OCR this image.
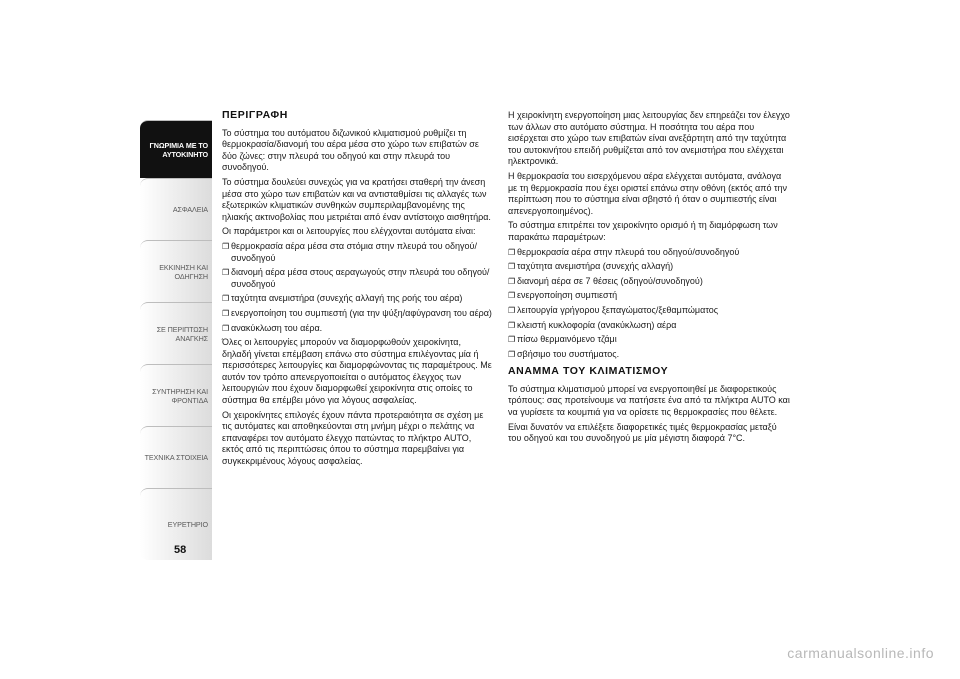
ΓΝΩΡΙΜΙΑ ΜΕ ΤΟ ΑΥΤΟΚΙΝΗΤΟ
ΑΣΦΑΛΕΙΑ
ΕΚΚΙΝΗΣΗ ΚΑΙ ΟΔΗΓΗΣΗ
ΣΕ ΠΕΡΙΠΤΩΣΗ ΑΝΑΓΚΗΣ
ΣΥΝΤΗΡΗΣΗ ΚΑΙ ΦΡΟΝΤΙΔΑ
ΤΕΧΝΙΚΑ ΣΤΟΙΧΕΙΑ
ΕΥΡΕΤΗΡΙΟ
58
ΠΕΡΙΓΡΑΦΗ

Το σύστημα του αυτόματου διζωνικού κλιματισμού ρυθμίζει τη θερμοκρασία/διανομή του αέρα μέσα στο χώρο των επιβατών σε δύο ζώνες: στην πλευρά του οδηγού και στην πλευρά του συνοδηγού.

Το σύστημα δουλεύει συνεχώς για να κρατήσει σταθερή την άνεση μέσα στο χώρο των επιβατών και να αντισταθμίσει τις αλλαγές των εξωτερικών κλιματικών συνθηκών συμπεριλαμβανομένης της ηλιακής ακτινοβολίας που μετριέται από έναν αντίστοιχο αισθητήρα.

Οι παράμετροι και οι λειτουργίες που ελέγχονται αυτόματα είναι:

❐ θερμοκρασία αέρα μέσα στα στόμια στην πλευρά του οδηγού/συνοδηγού
❐ διανομή αέρα μέσα στους αεραγωγούς στην πλευρά του οδηγού/συνοδηγού
❐ ταχύτητα ανεμιστήρα (συνεχής αλλαγή της ροής του αέρα)
❐ ενεργοποίηση του συμπιεστή (για την ψύξη/αφύγρανση του αέρα)
❐ ανακύκλωση του αέρα.

Όλες οι λειτουργίες μπορούν να διαμορφωθούν χειροκίνητα, δηλαδή γίνεται επέμβαση επάνω στο σύστημα επιλέγοντας μία ή περισσότερες λειτουργίες και διαμορφώνοντας τις παραμέτρους. Με αυτόν τον τρόπο απενεργοποιείται ο αυτόματος έλεγχος των λειτουργιών που έχουν διαμορφωθεί χειροκίνητα στις οποίες το σύστημα θα επέμβει μόνο για λόγους ασφαλείας.

Οι χειροκίνητες επιλογές έχουν πάντα προτεραιότητα σε σχέση με τις αυτόματες και αποθηκεύονται στη μνήμη μέχρι ο πελάτης να επαναφέρει τον αυτόματο έλεγχο πατώντας το πλήκτρο AUTO, εκτός από τις περιπτώσεις όπου το σύστημα παρεμβαίνει για συγκεκριμένους λόγους ασφαλείας.

Η χειροκίνητη ενεργοποίηση μιας λειτουργίας δεν επηρεάζει τον έλεγχο των άλλων στο αυτόματο σύστημα. Η ποσότητα του αέρα που εισέρχεται στο χώρο των επιβατών είναι ανεξάρτητη από την ταχύτητα του αυτοκινήτου επειδή ρυθμίζεται από τον ανεμιστήρα που ελέγχεται ηλεκτρονικά.

Η θερμοκρασία του εισερχόμενου αέρα ελέγχεται αυτόματα, ανάλογα με τη θερμοκρασία που έχει οριστεί επάνω στην οθόνη (εκτός από την περίπτωση που το σύστημα είναι σβηστό ή όταν ο συμπιεστής είναι απενεργοποιημένος).

Το σύστημα επιτρέπει τον χειροκίνητο ορισμό ή τη διαμόρφωση των παρακάτω παραμέτρων:

❐ θερμοκρασία αέρα στην πλευρά του οδηγού/συνοδηγού
❐ ταχύτητα ανεμιστήρα (συνεχής αλλαγή)
❐ διανομή αέρα σε 7 θέσεις (οδηγού/συνοδηγού)
❐ ενεργοποίηση συμπιεστή
❐ λειτουργία γρήγορου ξεπαγώματος/ξεθαμπώματος
❐ κλειστή κυκλοφορία (ανακύκλωση) αέρα
❐ πίσω θερμαινόμενο τζάμι
❐ σβήσιμο του συστήματος.
ΑΝΑΜΜΑ ΤΟΥ ΚΛΙΜΑΤΙΣΜΟΥ

Το σύστημα κλιματισμού μπορεί να ενεργοποιηθεί με διαφορετικούς τρόπους: σας προτείνουμε να πατήσετε ένα από τα πλήκτρα AUTO και να γυρίσετε τα κουμπιά για να ορίσετε τις θερμοκρασίες που θέλετε.

Είναι δυνατόν να επιλέξετε διαφορετικές τιμές θερμοκρασίας μεταξύ του οδηγού και του συνοδηγού με μία μέγιστη διαφορά 7°C.

carmanualsonline.info
